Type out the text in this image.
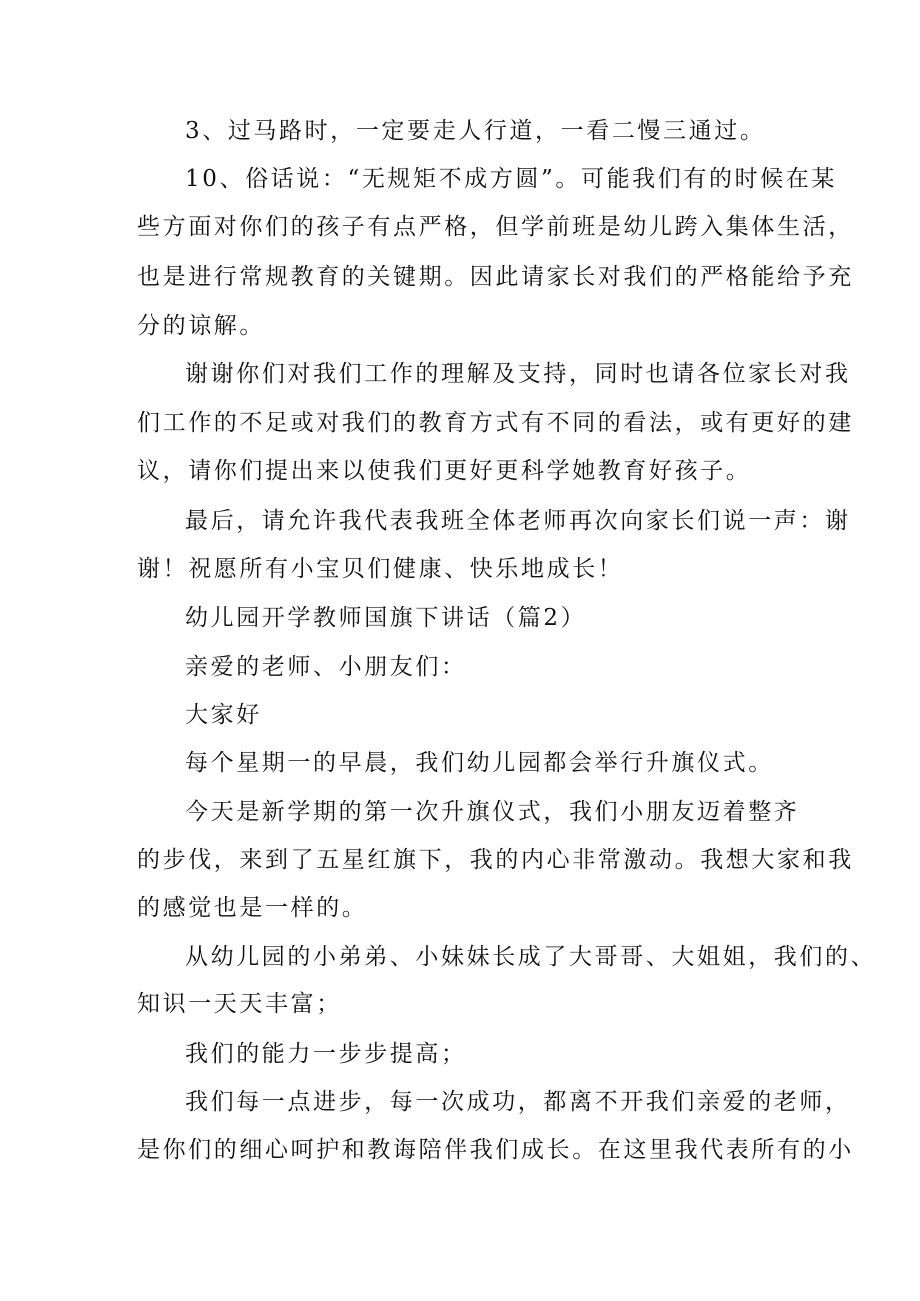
3、过马路时，一定要走人行道，一看二慢三通过。
10、俗话说：“无规矩不成方圆”。可能我们有的时候在某
些方面对你们的孩子有点严格，但学前班是幼儿跨入集体生活，
也是进行常规教育的关键期。因此请家长对我们的严格能给予充
分的谅解。
谢谢你们对我们工作的理解及支持，同时也请各位家长对我
们工作的不足或对我们的教育方式有不同的看法，或有更好的建
议，请你们提出来以使我们更好更科学她教育好孩子。
最后，请允许我代表我班全体老师再次向家长们说一声：谢
谢！祝愿所有小宝贝们健康、快乐地成长！
幼儿园开学教师国旗下讲话（篇2）
亲爱的老师、小朋友们：
大家好
每个星期一的早晨，我们幼儿园都会举行升旗仪式。
今天是新学期的第一次升旗仪式，我们小朋友迈着整齐
的步伐，来到了五星红旗下，我的内心非常激动。我想大家和我
的感觉也是一样的。
从幼儿园的小弟弟、小妹妹长成了大哥哥、大姐姐，我们的、
知识一天天丰富；
我们的能力一步步提高；
我们每一点进步，每一次成功，都离不开我们亲爱的老师，
是你们的细心呵护和教诲陪伴我们成长。在这里我代表所有的小
